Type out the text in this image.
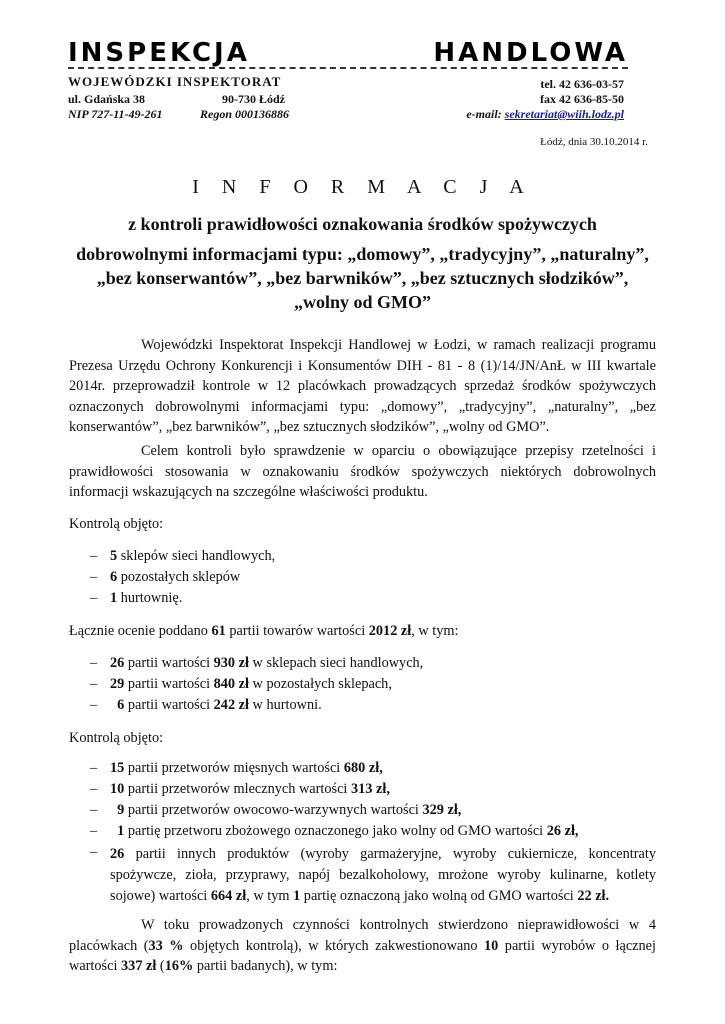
INSPEKCJA	HANDLOWA
WOJEWÓDZKI INSPEKTORAT
ul. Gdańska 38	90-730 Łódź
NIP 727-11-49-261	Regon 000136886
tel. 42 636-03-57
fax 42 636-85-50
e-mail: sekretariat@wiih.lodz.pl
Łódź, dnia 30.10.2014 r.
I N F O R M A C J A
z kontroli prawidłowości oznakowania środków spożywczych
dobrowolnymi informacjami typu: „domowy”, „tradycyjny”, „naturalny”,
„bez konserwantów”, „bez barwników”, „bez sztucznych słodzików”,
„wolny od GMO”
Wojewódzki Inspektorat Inspekcji Handlowej w Łodzi, w ramach realizacji programu Prezesa Urzędu Ochrony Konkurencji i Konsumentów DIH - 81 - 8 (1)/14/JN/AnŁ w III kwartale 2014r. przeprowadził kontrole w 12 placówkach prowadzących sprzedaż środków spożywczych oznaczonych dobrowolnymi informacjami typu: „domowy”, „tradycyjny”, „naturalny”, „bez konserwantów”, „bez barwników”, „bez sztucznych słodzików”, „wolny od GMO”.
Celem kontroli było sprawdzenie w oparciu o obowiązujące przepisy rzetelności i prawidłowości stosowania w oznakowaniu środków spożywczych niektórych dobrowolnych informacji wskazujących na szczególne właściwości produktu.
Kontrolą objęto:
– 5 sklepów sieci handlowych,
– 6 pozostałych sklepów
– 1 hurtownię.
Łącznie ocenie poddano 61 partii towarów wartości 2012 zł, w tym:
– 26 partii wartości 930 zł w sklepach sieci handlowych,
– 29 partii wartości 840 zł w pozostałych sklepach,
– 6 partii wartości 242 zł w hurtowni.
Kontrolą objęto:
– 15 partii przetworów mięsnych wartości 680 zł,
– 10 partii przetworów mlecznych wartości 313 zł,
– 9 partii przetworów owocowo-warzywnych wartości 329 zł,
– 1 partię przetworu zbożowego oznaczonego jako wolny od GMO wartości 26 zł,
– 26 partii innych produktów (wyroby garmażeryjne, wyroby cukiernicze, koncentraty spożywcze, zioła, przyprawy, napój bezalkoholowy, mrożone wyroby kulinarne, kotlety sojowe) wartości 664 zł, w tym 1 partię oznaczoną jako wolną od GMO wartości 22 zł.
W toku prowadzonych czynności kontrolnych stwierdzono nieprawidłowości w 4 placówkach (33 % objętych kontrolą), w których zakwestionowano 10 partii wyrobów o łącznej wartości 337 zł (16% partii badanych), w tym:
